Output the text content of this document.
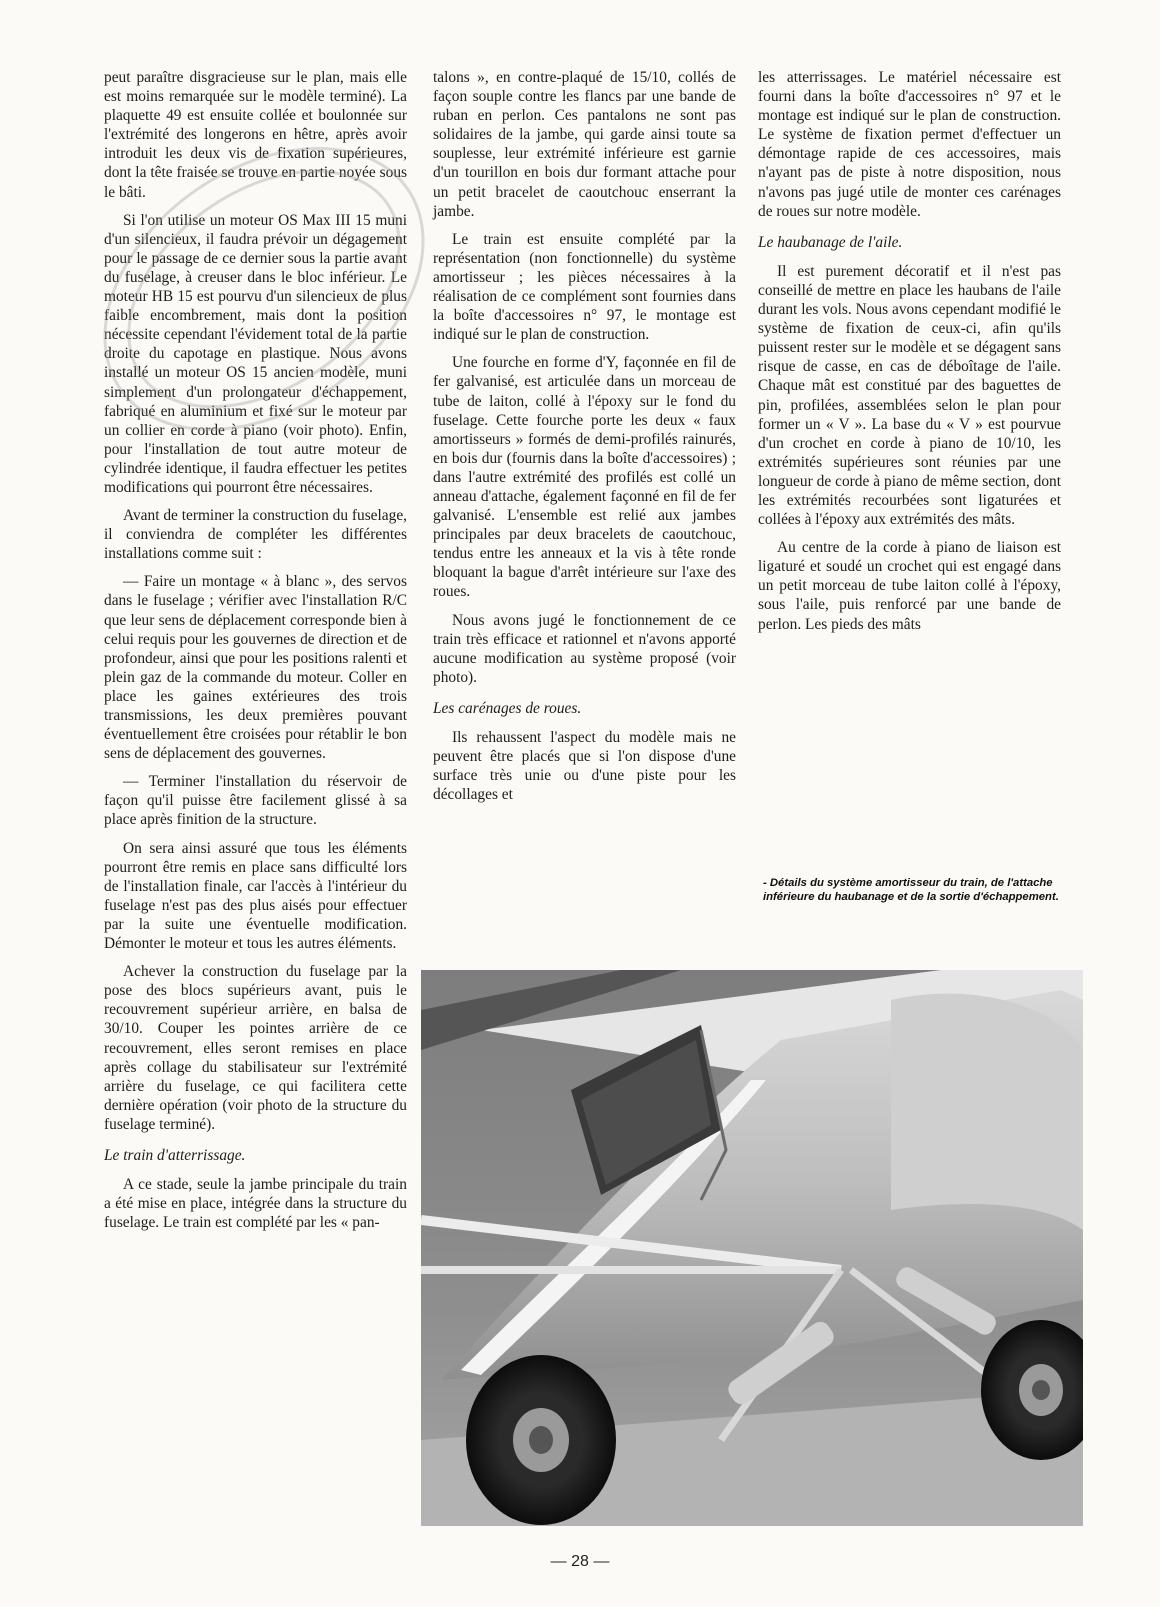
peut paraître disgracieuse sur le plan, mais elle est moins remarquée sur le modèle terminé). La plaquette 49 est ensuite collée et boulonnée sur l'extrémité des longerons en hêtre, après avoir introduit les deux vis de fixation supérieures, dont la tête fraisée se trouve en partie noyée sous le bâti.

Si l'on utilise un moteur OS Max III 15 muni d'un silencieux, il faudra prévoir un dégagement pour le passage de ce dernier sous la partie avant du fuselage, à creuser dans le bloc inférieur. Le moteur HB 15 est pourvu d'un silencieux de plus faible encombrement, mais dont la position nécessite cependant l'évidement total de la partie droite du capotage en plastique. Nous avons installé un moteur OS 15 ancien modèle, muni simplement d'un prolongateur d'échappement, fabriqué en aluminium et fixé sur le moteur par un collier en corde à piano (voir photo). Enfin, pour l'installation de tout autre moteur de cylindrée identique, il faudra effectuer les petites modifications qui pourront être nécessaires.

Avant de terminer la construction du fuselage, il conviendra de compléter les différentes installations comme suit :

— Faire un montage « à blanc », des servos dans le fuselage ; vérifier avec l'installation R/C que leur sens de déplacement corresponde bien à celui requis pour les gouvernes de direction et de profondeur, ainsi que pour les positions ralenti et plein gaz de la commande du moteur. Coller en place les gaines extérieures des trois transmissions, les deux premières pouvant éventuellement être croisées pour rétablir le bon sens de déplacement des gouvernes.

— Terminer l'installation du réservoir de façon qu'il puisse être facilement glissé à sa place après finition de la structure.

On sera ainsi assuré que tous les éléments pourront être remis en place sans difficulté lors de l'installation finale, car l'accès à l'intérieur du fuselage n'est pas des plus aisés pour effectuer par la suite une éventuelle modification. Démonter le moteur et tous les autres éléments.

Achever la construction du fuselage par la pose des blocs supérieurs avant, puis le recouvrement supérieur arrière, en balsa de 30/10. Couper les pointes arrière de ce recouvrement, elles seront remises en place après collage du stabilisateur sur l'extrémité arrière du fuselage, ce qui facilitera cette dernière opération (voir photo de la structure du fuselage terminé).

Le train d'atterrissage.

A ce stade, seule la jambe principale du train a été mise en place, intégrée dans la structure du fuselage. Le train est complété par les « pan-

talons », en contre-plaqué de 15/10, collés de façon souple contre les flancs par une bande de ruban en perlon. Ces pantalons ne sont pas solidaires de la jambe, qui garde ainsi toute sa souplesse, leur extrémité inférieure est garnie d'un tourillon en bois dur formant attache pour un petit bracelet de caoutchouc enserrant la jambe.

Le train est ensuite complété par la représentation (non fonctionnelle) du système amortisseur ; les pièces nécessaires à la réalisation de ce complément sont fournies dans la boîte d'accessoires n° 97, le montage est indiqué sur le plan de construction.

Une fourche en forme d'Y, façonnée en fil de fer galvanisé, est articulée dans un morceau de tube de laiton, collé à l'époxy sur le fond du fuselage. Cette fourche porte les deux « faux amortisseurs » formés de demi-profilés rainurés, en bois dur (fournis dans la boîte d'accessoires) ; dans l'autre extrémité des profilés est collé un anneau d'attache, également façonné en fil de fer galvanisé. L'ensemble est relié aux jambes principales par deux bracelets de caoutchouc, tendus entre les anneaux et la vis à tête ronde bloquant la bague d'arrêt intérieure sur l'axe des roues.

Nous avons jugé le fonctionnement de ce train très efficace et rationnel et n'avons apporté aucune modification au système proposé (voir photo).

Les carénages de roues.

Ils rehaussent l'aspect du modèle mais ne peuvent être placés que si l'on dispose d'une surface très unie ou d'une piste pour les décollages et

les atterrissages. Le matériel nécessaire est fourni dans la boîte d'accessoires n° 97 et le montage est indiqué sur le plan de construction. Le système de fixation permet d'effectuer un démontage rapide de ces accessoires, mais n'ayant pas de piste à notre disposition, nous n'avons pas jugé utile de monter ces carénages de roues sur notre modèle.

Le haubanage de l'aile.

Il est purement décoratif et il n'est pas conseillé de mettre en place les haubans de l'aile durant les vols. Nous avons cependant modifié le système de fixation de ceux-ci, afin qu'ils puissent rester sur le modèle et se dégagent sans risque de casse, en cas de déboîtage de l'aile. Chaque mât est constitué par des baguettes de pin, profilées, assemblées selon le plan pour former un « V ». La base du « V » est pourvue d'un crochet en corde à piano de 10/10, les extrémités supérieures sont réunies par une longueur de corde à piano de même section, dont les extrémités recourbées sont ligaturées et collées à l'époxy aux extrémités des mâts.

Au centre de la corde à piano de liaison est ligaturé et soudé un crochet qui est engagé dans un petit morceau de tube laiton collé à l'époxy, sous l'aile, puis renforcé par une bande de perlon. Les pieds des mâts

- Détails du système amortisseur du train, de l'attache inférieure du haubanage et de la sortie d'échappement.
— 28 —
